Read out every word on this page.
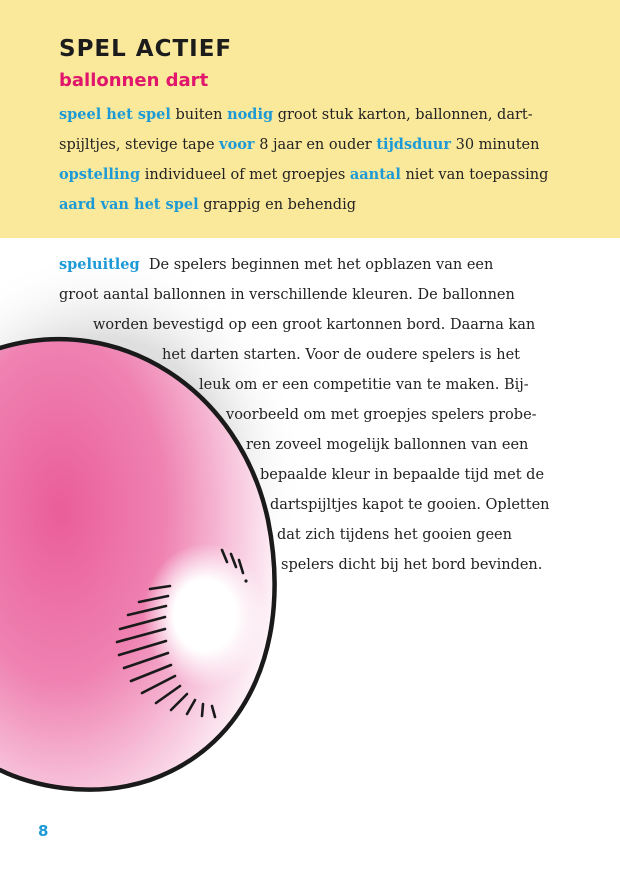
SPEL ACTIEF
ballonnen dart
speel het spel buiten nodig groot stuk karton, ballonnen, dart-
spijltjes, stevige tape voor 8 jaar en ouder tijdsduur 30 minuten
opstelling individueel of met groepjes aantal niet van toepassing
aard van het spel grappig en behendig
speluitleg De spelers beginnen met het opblazen van een
groot aantal ballonnen in verschillende kleuren. De ballonnen
worden bevestigd op een groot kartonnen bord. Daarna kan
het darten starten. Voor de oudere spelers is het
leuk om er een competitie van te maken. Bij-
voorbeeld om met groepjes spelers probe-
ren zoveel mogelijk ballonnen van een
bepaalde kleur in bepaalde tijd met de
dartspijltjes kapot te gooien. Opletten
dat zich tijdens het gooien geen
spelers dicht bij het bord bevinden.
8
